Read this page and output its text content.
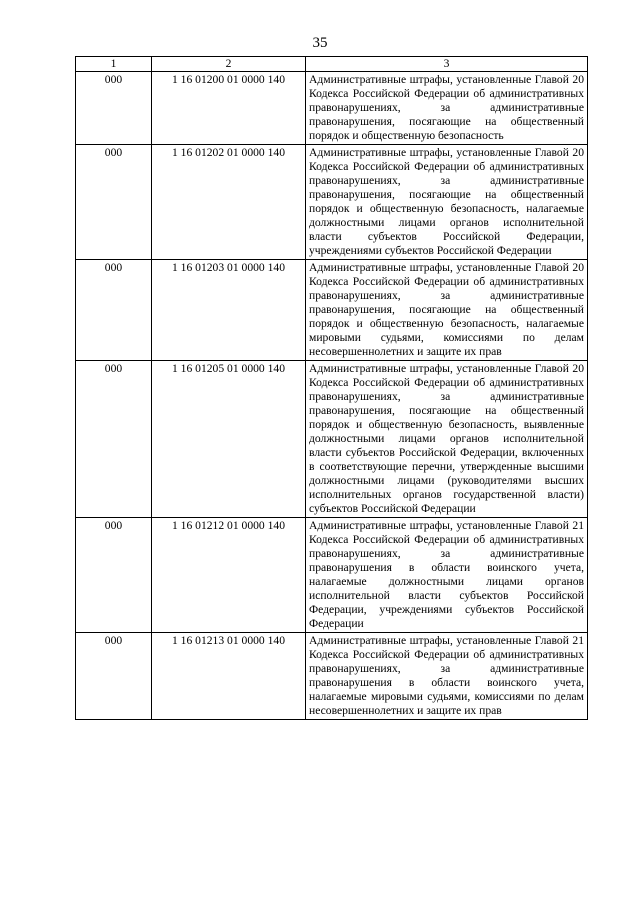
35
1	2	3
000	1 16 01200 01 0000 140	Административные штрафы, установленные Главой 20 Кодекса Российской Федерации об административных правонарушениях, за административные правонарушения, посягающие на общественный порядок и общественную безопасность
000	1 16 01202 01 0000 140	Административные штрафы, установленные Главой 20 Кодекса Российской Федерации об административных правонарушениях, за административные правонарушения, посягающие на общественный порядок и общественную безопасность, налагаемые должностными лицами органов исполнительной власти субъектов Российской Федерации, учреждениями субъектов Российской Федерации
000	1 16 01203 01 0000 140	Административные штрафы, установленные Главой 20 Кодекса Российской Федерации об административных правонарушениях, за административные правонарушения, посягающие на общественный порядок и общественную безопасность, налагаемые мировыми судьями, комиссиями по делам несовершеннолетних и защите их прав
000	1 16 01205 01 0000 140	Административные штрафы, установленные Главой 20 Кодекса Российской Федерации об административных правонарушениях, за административные правонарушения, посягающие на общественный порядок и общественную безопасность, выявленные должностными лицами органов исполнительной власти субъектов Российской Федерации, включенных в соответствующие перечни, утвержденные высшими должностными лицами (руководителями высших исполнительных органов государственной власти) субъектов Российской Федерации
000	1 16 01212 01 0000 140	Административные штрафы, установленные Главой 21 Кодекса Российской Федерации об административных правонарушениях, за административные правонарушения в области воинского учета, налагаемые должностными лицами органов исполнительной власти субъектов Российской Федерации, учреждениями субъектов Российской Федерации
000	1 16 01213 01 0000 140	Административные штрафы, установленные Главой 21 Кодекса Российской Федерации об административных правонарушениях, за административные правонарушения в области воинского учета, налагаемые мировыми судьями, комиссиями по делам несовершеннолетних и защите их прав
